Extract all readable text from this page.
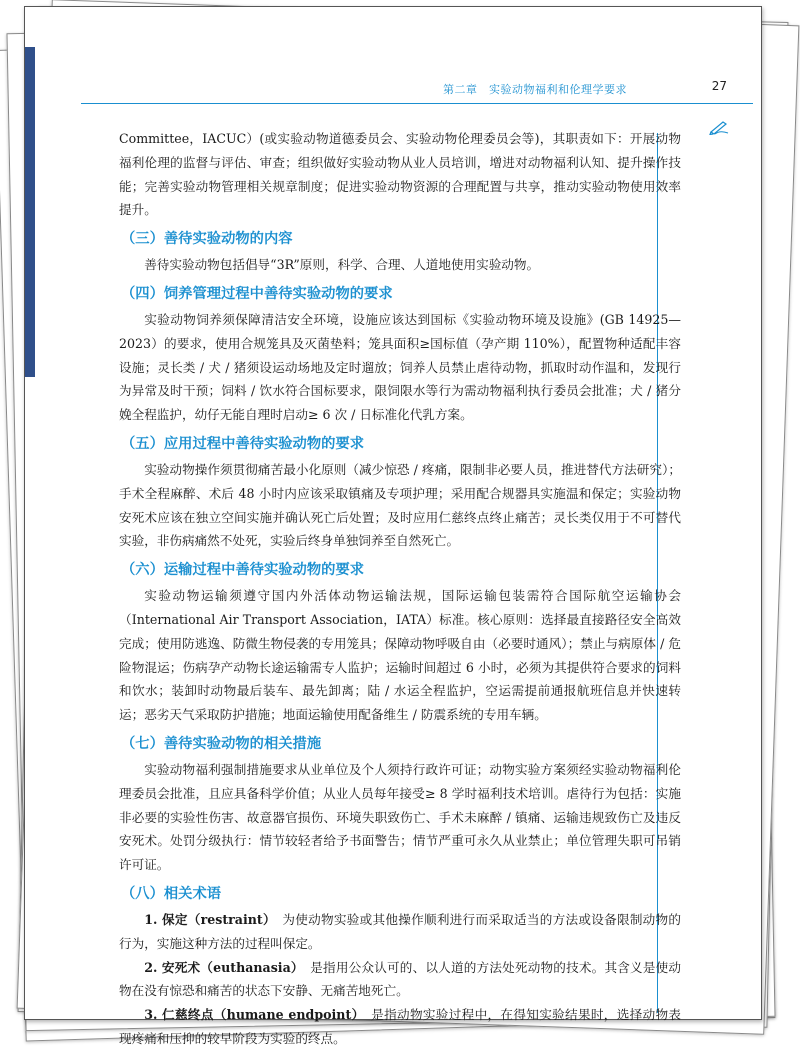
第二章　实验动物福利和伦理学要求	27

Committee，IACUC）(或实验动物道德委员会、实验动物伦理委员会等)，其职责如下：开展动物福利伦理的监督与评估、审查；组织做好实验动物从业人员培训，增进对动物福利认知、提升操作技能；完善实验动物管理相关规章制度；促进实验动物资源的合理配置与共享，推动实验动物使用效率提升。

（三）善待实验动物的内容

善待实验动物包括倡导“3R”原则，科学、合理、人道地使用实验动物。

（四）饲养管理过程中善待实验动物的要求

实验动物饲养须保障清洁安全环境，设施应该达到国标《实验动物环境及设施》(GB 14925—2023）的要求，使用合规笼具及灭菌垫料；笼具面积≥国标值（孕产期 110%），配置物种适配丰容设施；灵长类 / 犬 / 猪须设运动场地及定时遛放；饲养人员禁止虐待动物，抓取时动作温和，发现行为异常及时干预；饲料 / 饮水符合国标要求，限饲限水等行为需动物福利执行委员会批准；犬 / 猪分娩全程监护，幼仔无能自理时启动≥ 6 次 / 日标准化代乳方案。

（五）应用过程中善待实验动物的要求

实验动物操作须贯彻痛苦最小化原则（减少惊恐 / 疼痛，限制非必要人员，推进替代方法研究）；手术全程麻醉、术后 48 小时内应该采取镇痛及专项护理；采用配合规器具实施温和保定；实验动物安死术应该在独立空间实施并确认死亡后处置；及时应用仁慈终点终止痛苦；灵长类仅用于不可替代实验，非伤病痛然不处死，实验后终身单独饲养至自然死亡。

（六）运输过程中善待实验动物的要求

实验动物运输须遵守国内外活体动物运输法规，国际运输包装需符合国际航空运输协会（International Air Transport Association，IATA）标准。核心原则：选择最直接路径安全高效完成；使用防逃逸、防微生物侵袭的专用笼具；保障动物呼吸自由（必要时通风）；禁止与病原体 / 危险物混运；伤病孕产动物长途运输需专人监护；运输时间超过 6 小时，必须为其提供符合要求的饲料和饮水；装卸时动物最后装车、最先卸离；陆 / 水运全程监护，空运需提前通报航班信息并快速转运；恶劣天气采取防护措施；地面运输使用配备维生 / 防震系统的专用车辆。

（七）善待实验动物的相关措施

实验动物福利强制措施要求从业单位及个人须持行政许可证；动物实验方案须经实验动物福利伦理委员会批准，且应具备科学价值；从业人员每年接受≥ 8 学时福利技术培训。虐待行为包括：实施非必要的实验性伤害、故意器官损伤、环境失职致伤亡、手术未麻醉 / 镇痛、运输违规致伤亡及违反安死术。处罚分级执行：情节较轻者给予书面警告；情节严重可永久从业禁止；单位管理失职可吊销许可证。

（八）相关术语

1. 保定（restraint）　 为使动物实验或其他操作顺利进行而采取适当的方法或设备限制动物的行为，实施这种方法的过程叫保定。

2. 安死术（euthanasia）　 是指用公众认可的、以人道的方法处死动物的技术。其含义是使动物在没有惊恐和痛苦的状态下安静、无痛苦地死亡。

3. 仁慈终点（humane endpoint）　 是指动物实验过程中，在得知实验结果时，选择动物表现疼痛和压抑的较早阶段为实验的终点。
